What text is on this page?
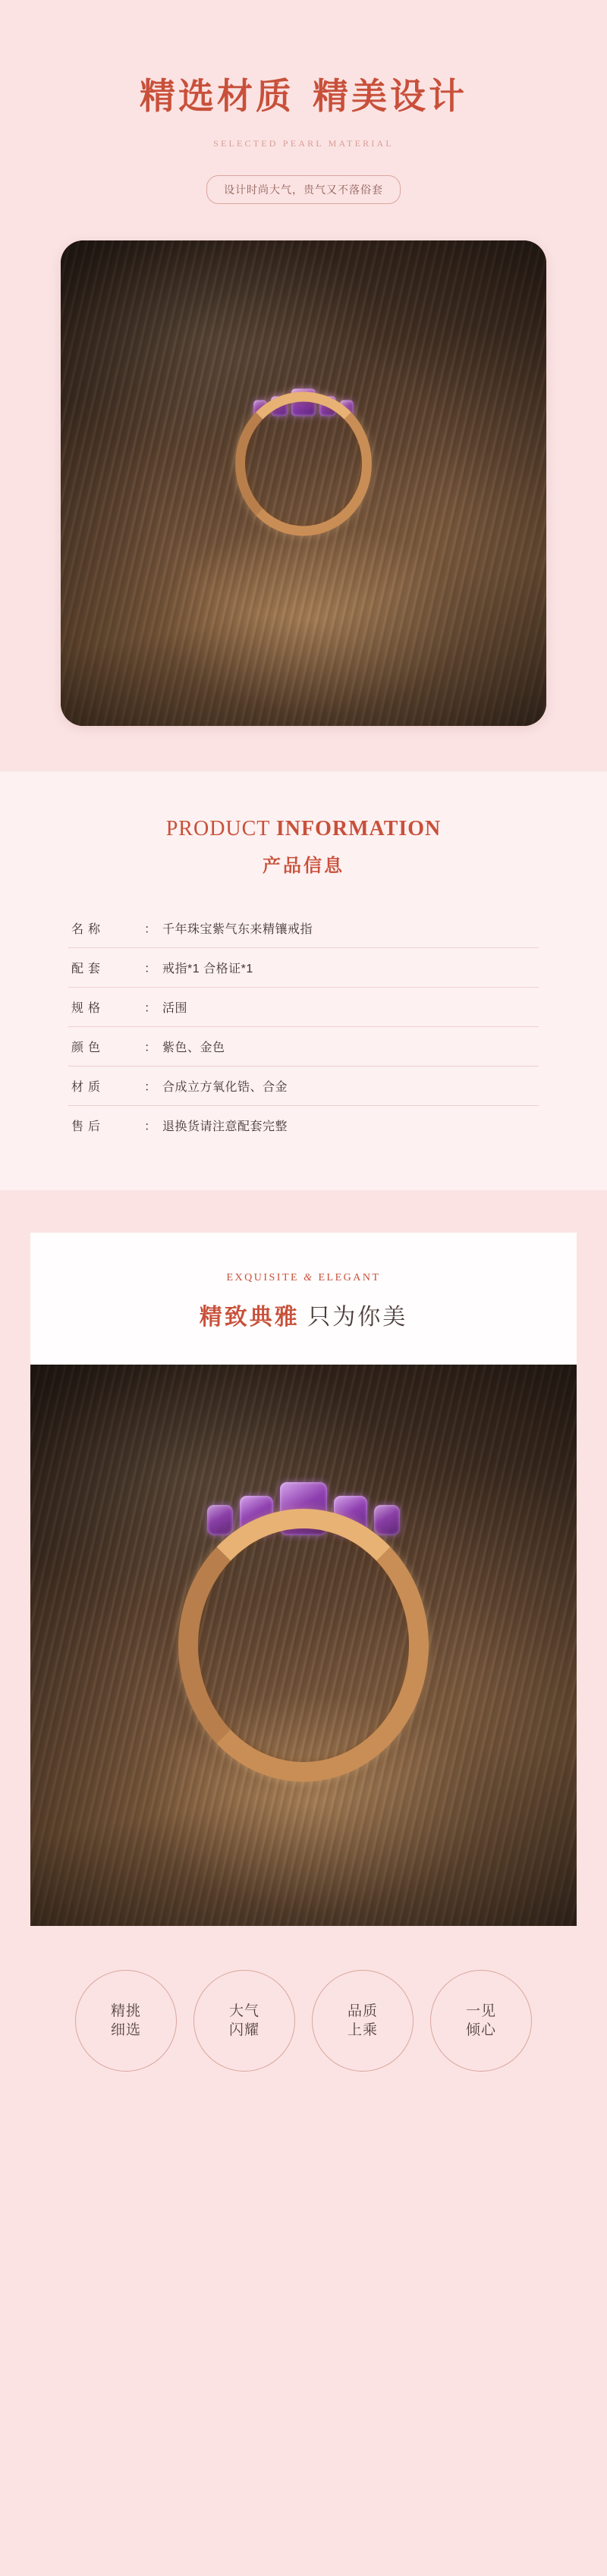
精选材质 精美设计
SELECTED PEARL MATERIAL
设计时尚大气，贵气又不落俗套
PRODUCT INFORMATION
产品信息
名称	： 千年珠宝紫气东来精镶戒指
配套	： 戒指*1 合格证*1
规格	： 活围
颜色	： 紫色、金色
材质	： 合成立方氧化锆、合金
售后	： 退换货请注意配套完整
EXQUISITE & ELEGANT
精致典雅 只为你美
精挑
细选
大气
闪耀
品质
上乘
一见
倾心
